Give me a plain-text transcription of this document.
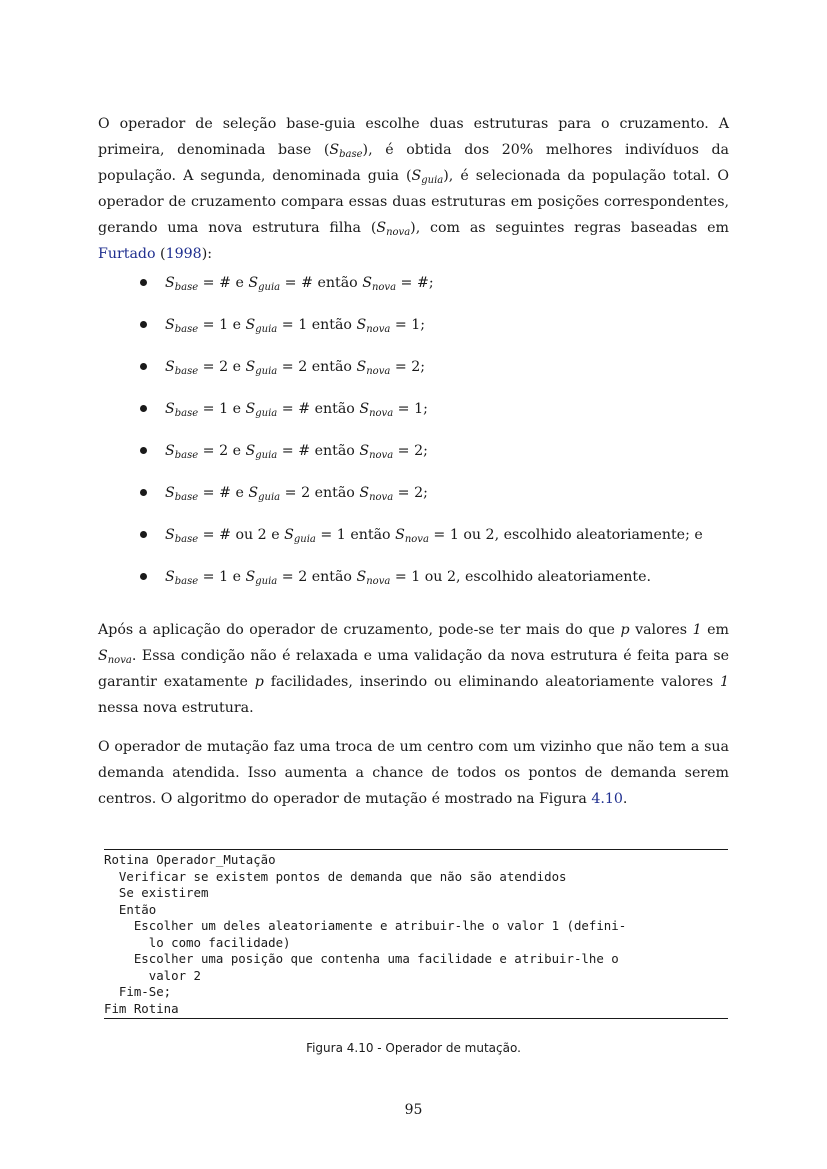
O operador de seleção base-guia escolhe duas estruturas para o cruzamento. A primeira, denominada base $(S_{base})$, é obtida dos 20% melhores indivíduos da população. A segunda, denominada guia $(S_{guia})$, é selecionada da população total. O operador de cruzamento compara essas duas estruturas em posições correspondentes, gerando uma nova estrutura filha $(S_{nova})$, com as seguintes regras baseadas em Furtado (1998):

$S_{base}$ = # e $S_{guia}$ = # então $S_{nova}$ = #;
$S_{base} = 1$ e $S_{guia} = 1$ então $S_{nova} = 1$;
$S_{base} = 2$ e $S_{guia} = 2$ então $S_{nova} = 2$;
$S_{base} = 1$ e $S_{guia}$ = # então $S_{nova} = 1$;
$S_{base} = 2$ e $S_{guia}$ = # então $S_{nova} = 2$;
$S_{base}$ = # e $S_{guia} = 2$ então $S_{nova} = 2$;
$S_{base}$ = # ou 2 e $S_{guia} = 1$ então $S_{nova} = 1$ ou 2, escolhido aleatoriamente; e
$S_{base} = 1$ e $S_{guia} = 2$ então $S_{nova} = 1$ ou 2, escolhido aleatoriamente.

Após a aplicação do operador de cruzamento, pode-se ter mais do que p valores 1 em $S_{nova}$. Essa condição não é relaxada e uma validação da nova estrutura é feita para se garantir exatamente p facilidades, inserindo ou eliminando aleatoriamente valores 1 nessa nova estrutura.

O operador de mutação faz uma troca de um centro com um vizinho que não tem a sua demanda atendida. Isso aumenta a chance de todos os pontos de demanda serem centros. O algoritmo do operador de mutação é mostrado na Figura 4.10.

Rotina Operador_Mutação
Verificar se existem pontos de demanda que não são atendidos
Se existirem
Então
Escolher um deles aleatoriamente e atribuir-lhe o valor 1 (defini-
lo como facilidade)
Escolher uma posição que contenha uma facilidade e atribuir-lhe o
valor 2
Fim-Se;
Fim Rotina
Figura 4.10 - Operador de mutação.
95
